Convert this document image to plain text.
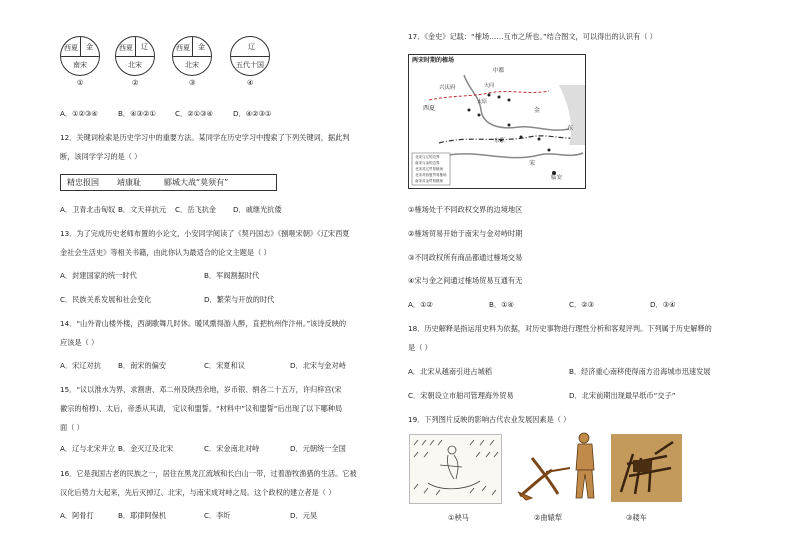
西夏 金
南宋
西夏 辽
北宋
西夏 金
北宋
辽
五代十国
①	②	③	④
A．①②③④	B．④③②①	C．②①③④	D．④②③①
12．关键词检索是历史学习中的重要方法。某同学在历史学习中搜索了下列关键词，据此判
断，该同学学习的是（ ）
精忠报国 靖康耻	郾城大战“莫须有”
A．卫青北击匈奴 B．文天祥抗元 C．岳飞抗金 D．戚继光抗倭
13．为了完成历史老师布置的小论文，小安同学阅读了《契丹国志》《捌咂宋朝》《辽宋西夏
金社会生活史》等相关书籍，由此你认为最适合的论文主题是（ ）
A．封建国家的统一时代	B．军阀割据时代
C．民族关系发展和社会变化	D．繁荣与开放的时代
14．“山外青山楼外楼，西湖歌舞几时休。暖风熏得游人醉，直把杭州作汴州。”该诗反映的
应该是（ ）
A．宋辽对抗 B．南宋的偏安	C．宋夏和议	D．北宋与金对峙
15．“议以淮水为界，求割唐、邓二州及陕西余地，岁币银、绢各二十五万，许归梓宫(宋
徽宗的棺椁)、太后，帝悉从其请， 定议和盟誓。“材料中”议和盟誓“后出现了以下哪种局
面（ ）
A．辽与北宋并立 B．金灭辽及北宋	C．宋金南北对峙	D．元朝统一全国
16．它是我国古老的民族之一，居住在黑龙江流域和长白山一带，过着游牧渔猎的生活。它被
汉化后势力大起来，先后灭掉辽、北宋，与南宋成对峙之局。这个政权的建立者是（ ）
A．阿骨打	B．耶律阿保机	C．李圻	D．元昊
17．《金史》记载：“榷场……互市之所也。”结合图文，可以得出的认识有（ ）
两宋时期的榷场
中都
兴庆府	大同
太原
西夏
东京
临安
金
宋
东
北宋与辽的边界
南宋与金的边界
北宋对辽贸易榷场
北宋对西夏贸易榷场
南宋对金贸易榷场
①榷场处于不同政权交界的边境地区
②榷场贸易开始于南宋与金对峙时期
③不同政权所有商品都通过榷场交易
④宋与金之间通过榷场贸易互通有无
A．①②	B．①④	C．②③	D．③④
18．历史解释是指运用史料为依据，对历史事物进行理性分析和客观评判。下列属于历史解释的
是（ ）
A．北宋从越南引进占城稻	B．经济重心南移使得南方沿海城市迅速发展
C．宋朝设立市舶司管理海外贸易	D．北宋前期出现最早纸币“交子”
19．下列图片反映的影响古代农业发展因素是（ ）
①秧马	②曲辕犁	③耧车
